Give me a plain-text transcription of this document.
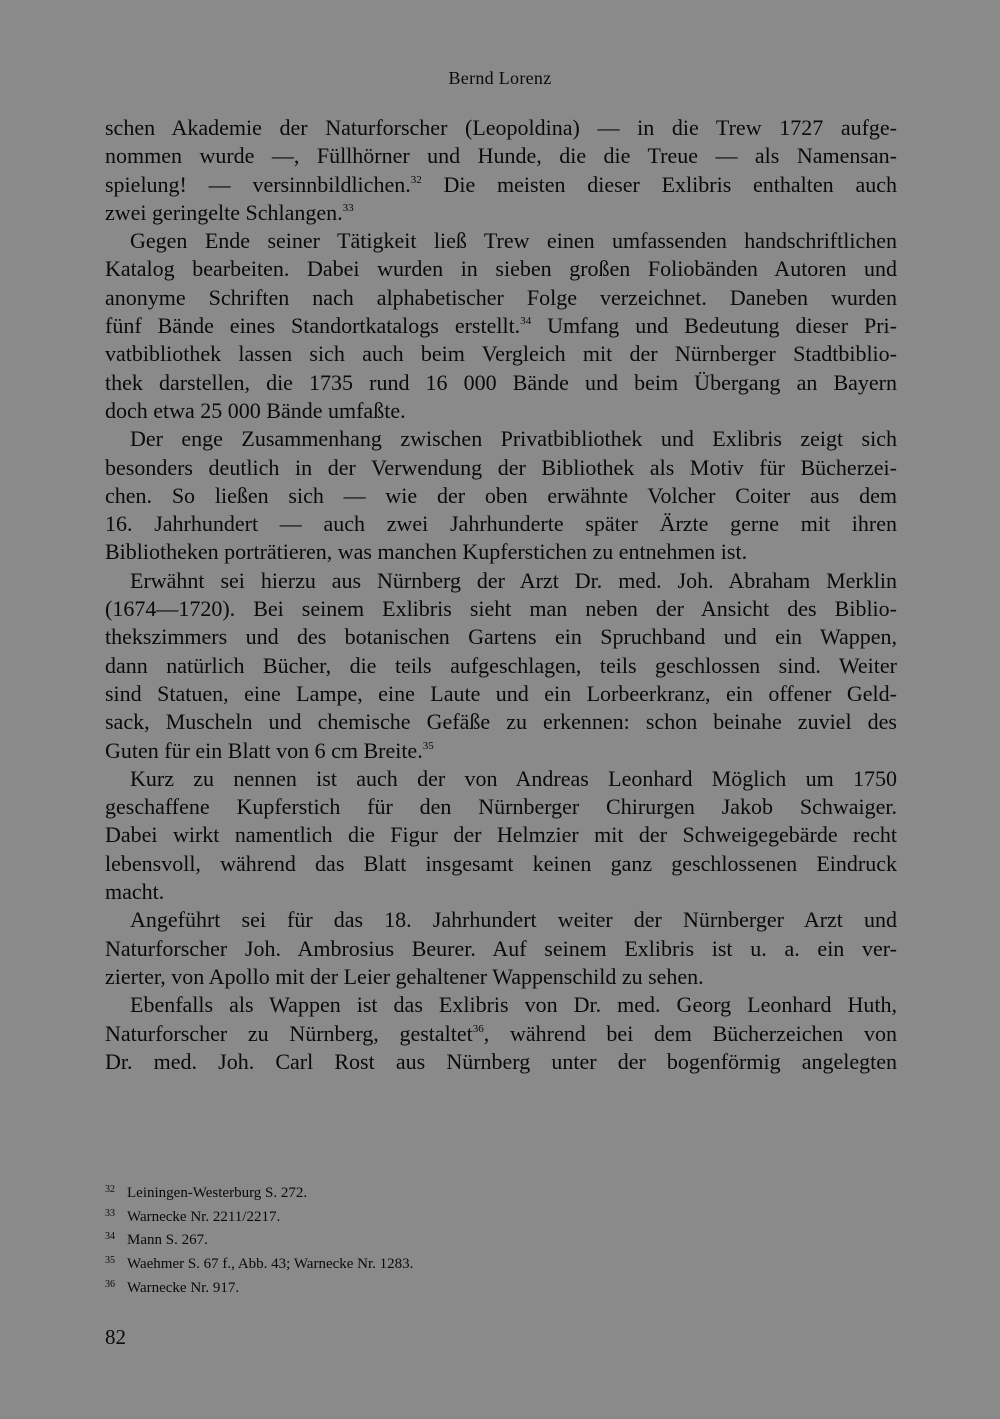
Bernd Lorenz
schen Akademie der Naturforscher (Leopoldina) — in die Trew 1727 aufge-
nommen wurde —, Füllhörner und Hunde, die die Treue — als Namensan-
spielung! — versinnbildlichen.$^{32}$ Die meisten dieser Exlibris enthalten auch
zwei geringelte Schlangen.$^{33}$
Gegen Ende seiner Tätigkeit ließ Trew einen umfassenden handschriftlichen
Katalog bearbeiten. Dabei wurden in sieben großen Foliobänden Autoren und
anonyme Schriften nach alphabetischer Folge verzeichnet. Daneben wurden
fünf Bände eines Standortkatalogs erstellt.$^{34}$ Umfang und Bedeutung dieser Pri-
vatbibliothek lassen sich auch beim Vergleich mit der Nürnberger Stadtbiblio-
thek darstellen, die 1735 rund 16 000 Bände und beim Übergang an Bayern
doch etwa 25 000 Bände umfaßte.
Der enge Zusammenhang zwischen Privatbibliothek und Exlibris zeigt sich
besonders deutlich in der Verwendung der Bibliothek als Motiv für Bücherzei-
chen. So ließen sich — wie der oben erwähnte Volcher Coiter aus dem
16. Jahrhundert — auch zwei Jahrhunderte später Ärzte gerne mit ihren
Bibliotheken porträtieren, was manchen Kupferstichen zu entnehmen ist.
Erwähnt sei hierzu aus Nürnberg der Arzt Dr. med. Joh. Abraham Merklin
(1674—1720). Bei seinem Exlibris sieht man neben der Ansicht des Biblio-
thekszimmers und des botanischen Gartens ein Spruchband und ein Wappen,
dann natürlich Bücher, die teils aufgeschlagen, teils geschlossen sind. Weiter
sind Statuen, eine Lampe, eine Laute und ein Lorbeerkranz, ein offener Geld-
sack, Muscheln und chemische Gefäße zu erkennen: schon beinahe zuviel des
Guten für ein Blatt von 6 cm Breite.$^{35}$
Kurz zu nennen ist auch der von Andreas Leonhard Möglich um 1750
geschaffene Kupferstich für den Nürnberger Chirurgen Jakob Schwaiger.
Dabei wirkt namentlich die Figur der Helmzier mit der Schweigegebärde recht
lebensvoll, während das Blatt insgesamt keinen ganz geschlossenen Eindruck
macht.
Angeführt sei für das 18. Jahrhundert weiter der Nürnberger Arzt und
Naturforscher Joh. Ambrosius Beurer. Auf seinem Exlibris ist u. a. ein ver-
zierter, von Apollo mit der Leier gehaltener Wappenschild zu sehen.
Ebenfalls als Wappen ist das Exlibris von Dr. med. Georg Leonhard Huth,
Naturforscher zu Nürnberg, gestaltet$^{36}$, während bei dem Bücherzeichen von
Dr. med. Joh. Carl Rost aus Nürnberg unter der bogenförmig angelegten
32 Leiningen-Westerburg S. 272.
33 Warnecke Nr. 2211/2217.
34 Mann S. 267.
35 Waehmer S. 67 f., Abb. 43; Warnecke Nr. 1283.
36 Warnecke Nr. 917.
82
